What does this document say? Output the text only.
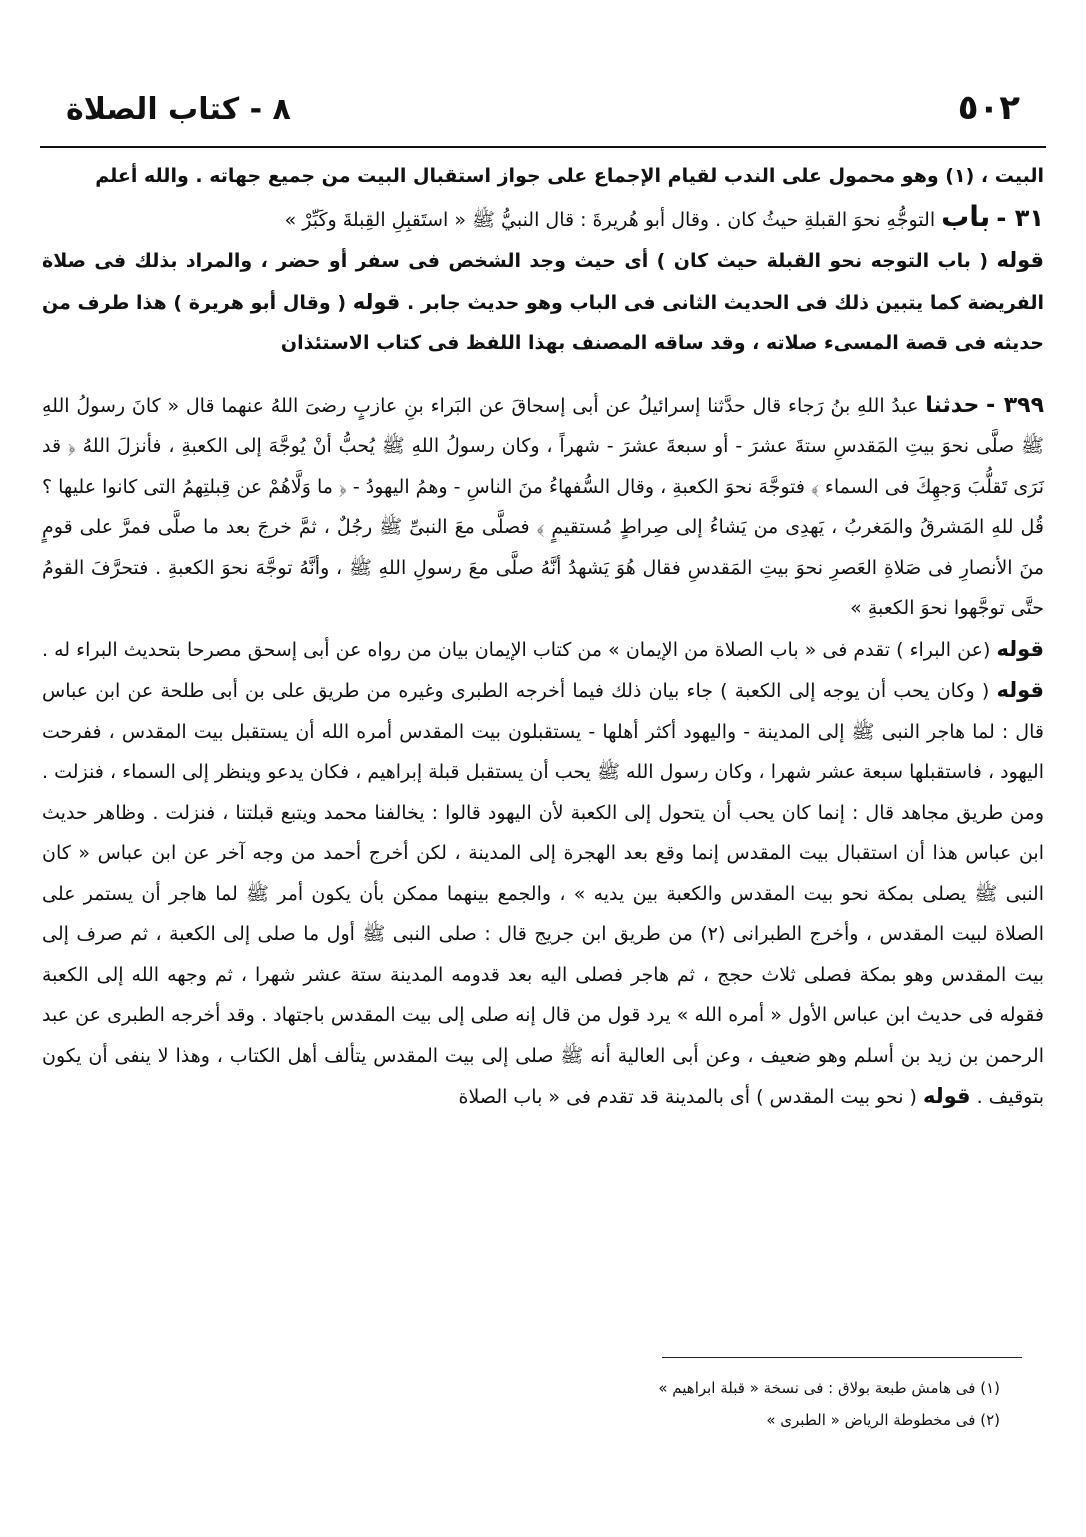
٨ - كتاب الصلاة	٥٠٢

البيت ، (١) وهو محمول على الندب لقيام الإجماع على جواز استقبال البيت من جميع جهاته . والله أعلم

٣١ - باب التوجُّهِ نحوَ القبلةِ حيثُ كان . وقال أبو هُريرةَ : قال النبيُّ ﷺ « استَقبِلِ القِبلةَ وكَبِّرْ »

قوله ( باب التوجه نحو القبلة حيث كان ) أى حيث وجد الشخص فى سفر أو حضر ، والمراد بذلك فى صلاة الفريضة كما يتبين ذلك فى الحديث الثانى فى الباب وهو حديث جابر . قوله ( وقال أبو هريرة ) هذا طرف من حديثه فى قصة المسىء صلاته ، وقد ساقه المصنف بهذا اللفظ فى كتاب الاستئذان

٣٩٩ - حدثنا عبدُ اللهِ بنُ رَجاء قال حدَّثنا إسرائيلُ عن أبى إسحاقَ عن البَراء بنِ عازبٍ رضىَ اللهُ عنهما قال « كانَ رسولُ اللهِ ﷺ صلَّى نحوَ بيتِ المَقدسِ ستةَ عشرَ - أو سبعةَ عشرَ - شهراً ، وكان رسولُ اللهِ ﷺ يُحبُّ أنْ يُوجَّهَ إلى الكعبةِ ، فأنزلَ اللهُ ﴿ قد نَرَى تَقلُّبَ وَجهِكَ فى السماء ﴾ فتوجَّهَ نحوَ الكعبةِ ، وقال السُّفهاءُ منَ الناسِ - وهمُ اليهودُ - ﴿ ما وَلَّاهُمْ عن قِبلتِهمُ التى كانوا عليها ؟ قُل للهِ المَشرقُ والمَغربُ ، يَهدِى من يَشاءُ إلى صِراطٍ مُستقيمٍ ﴾ فصلَّى معَ النبىِّ ﷺ رجُلٌ ، ثمَّ خرجَ بعد ما صلَّى فمرَّ على قومٍ منَ الأنصارِ فى صَلاةِ العَصرِ نحوَ بيتِ المَقدسِ فقال هُوَ يَشهدُ أنَّهُ صلَّى معَ رسولِ اللهِ ﷺ ، وأنَّهُ توجَّهَ نحوَ الكعبةِ . فتحرَّفَ القومُ حتَّى توجَّهوا نحوَ الكعبةِ »

قوله (عن البراء ) تقدم فى « باب الصلاة من الإيمان » من كتاب الإيمان بيان من رواه عن أبى إسحق مصرحا بتحديث البراء له . قوله ( وكان يحب أن يوجه إلى الكعبة ) جاء بيان ذلك فيما أخرجه الطبرى وغيره من طريق على بن أبى طلحة عن ابن عباس قال : لما هاجر النبى ﷺ إلى المدينة - واليهود أكثر أهلها - يستقبلون بيت المقدس أمره الله أن يستقبل بيت المقدس ، ففرحت اليهود ، فاستقبلها سبعة عشر شهرا ، وكان رسول الله ﷺ يحب أن يستقبل قبلة إبراهيم ، فكان يدعو وينظر إلى السماء ، فنزلت . ومن طريق مجاهد قال : إنما كان يحب أن يتحول إلى الكعبة لأن اليهود قالوا : يخالفنا محمد ويتبع قبلتنا ، فنزلت . وظاهر حديث ابن عباس هذا أن استقبال بيت المقدس إنما وقع بعد الهجرة إلى المدينة ، لكن أخرج أحمد من وجه آخر عن ابن عباس « كان النبى ﷺ يصلى بمكة نحو بيت المقدس والكعبة بين يديه » ، والجمع بينهما ممكن بأن يكون أمر ﷺ لما هاجر أن يستمر على الصلاة لبيت المقدس ، وأخرج الطبرانى (٢) من طريق ابن جريج قال : صلى النبى ﷺ أول ما صلى إلى الكعبة ، ثم صرف إلى بيت المقدس وهو بمكة فصلى ثلاث حجج ، ثم هاجر فصلى اليه بعد قدومه المدينة ستة عشر شهرا ، ثم وجهه الله إلى الكعبة فقوله فى حديث ابن عباس الأول « أمره الله » يرد قول من قال إنه صلى إلى بيت المقدس باجتهاد . وقد أخرجه الطبرى عن عبد الرحمن بن زيد بن أسلم وهو ضعيف ، وعن أبى العالية أنه ﷺ صلى إلى بيت المقدس يتألف أهل الكتاب ، وهذا لا ينفى أن يكون بتوقيف . قوله ( نحو بيت المقدس ) أى بالمدينة قد تقدم فى « باب الصلاة

(١) فى هامش طبعة بولاق : فى نسخة « قبلة ابراهيم »

(٢) فى مخطوطة الرياض « الطبرى »
